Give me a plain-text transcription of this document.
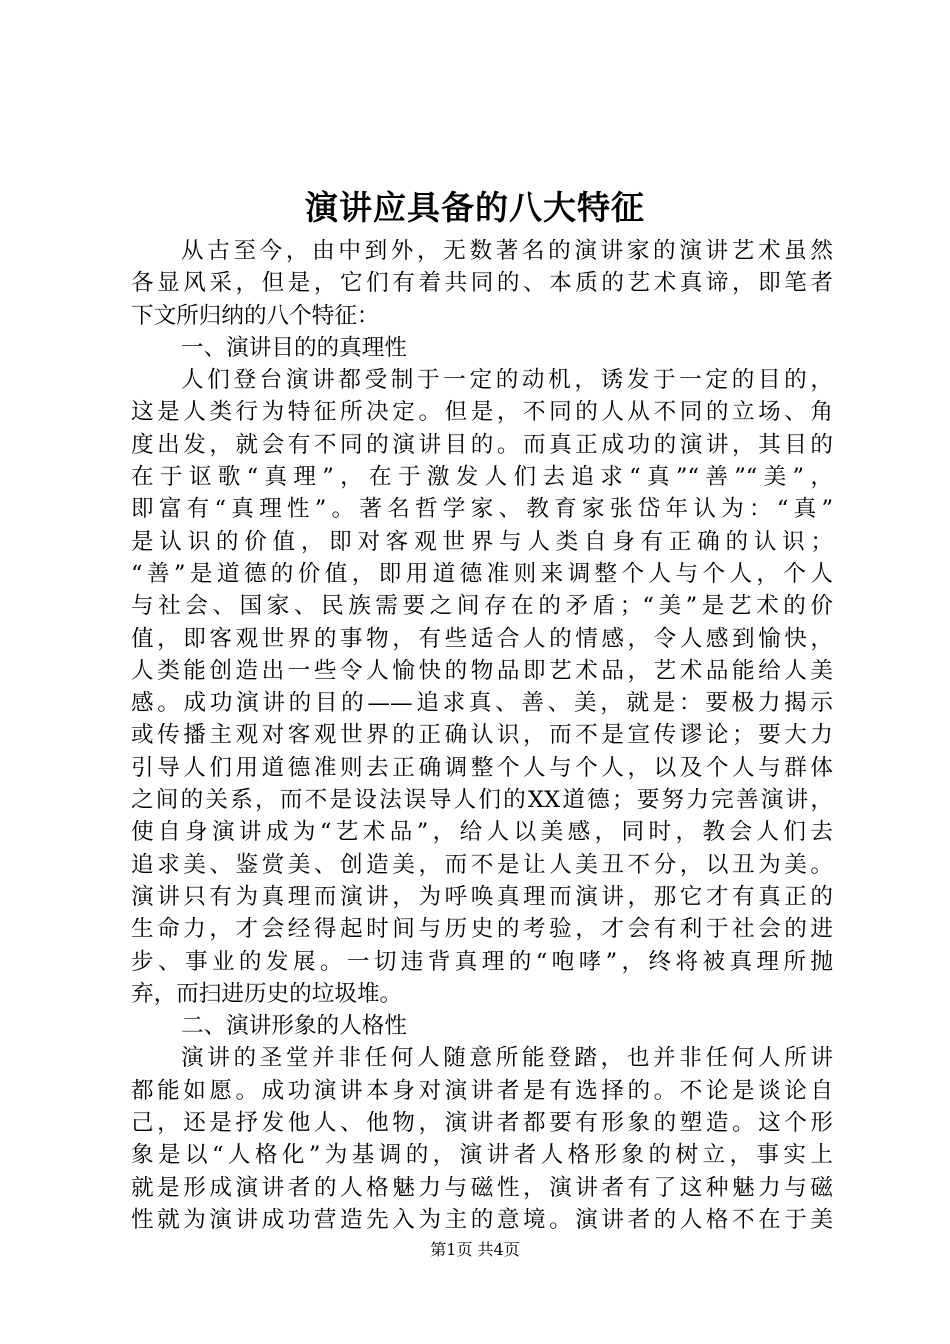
演讲应具备的八大特征
从古至今，由中到外，无数著名的演讲家的演讲艺术虽然
各显风采，但是，它们有着共同的、本质的艺术真谛，即笔者
下文所归纳的八个特征：
一、演讲目的的真理性
人们登台演讲都受制于一定的动机，诱发于一定的目的，
这是人类行为特征所决定。但是，不同的人从不同的立场、角
度出发，就会有不同的演讲目的。而真正成功的演讲，其目的
在于讴歌“真理”，在于激发人们去追求“真”“善”“美”，
即富有“真理性”。著名哲学家、教育家张岱年认为：“真”
是认识的价值，即对客观世界与人类自身有正确的认识；
“善”是道德的价值，即用道德准则来调整个人与个人，个人
与社会、国家、民族需要之间存在的矛盾；“美”是艺术的价
值，即客观世界的事物，有些适合人的情感，令人感到愉快，
人类能创造出一些令人愉快的物品即艺术品，艺术品能给人美
感。成功演讲的目的——追求真、善、美，就是：要极力揭示
或传播主观对客观世界的正确认识，而不是宣传谬论；要大力
引导人们用道德准则去正确调整个人与个人，以及个人与群体
之间的关系，而不是设法误导人们的XX道德；要努力完善演讲，
使自身演讲成为“艺术品”，给人以美感，同时，教会人们去
追求美、鉴赏美、创造美，而不是让人美丑不分，以丑为美。
演讲只有为真理而演讲，为呼唤真理而演讲，那它才有真正的
生命力，才会经得起时间与历史的考验，才会有利于社会的进
步、事业的发展。一切违背真理的“咆哮”，终将被真理所抛
弃，而扫进历史的垃圾堆。
二、演讲形象的人格性
演讲的圣堂并非任何人随意所能登踏，也并非任何人所讲
都能如愿。成功演讲本身对演讲者是有选择的。不论是谈论自
己，还是抒发他人、他物，演讲者都要有形象的塑造。这个形
象是以“人格化”为基调的，演讲者人格形象的树立，事实上
就是形成演讲者的人格魅力与磁性，演讲者有了这种魅力与磁
性就为演讲成功营造先入为主的意境。演讲者的人格不在于美
第1页 共4页
